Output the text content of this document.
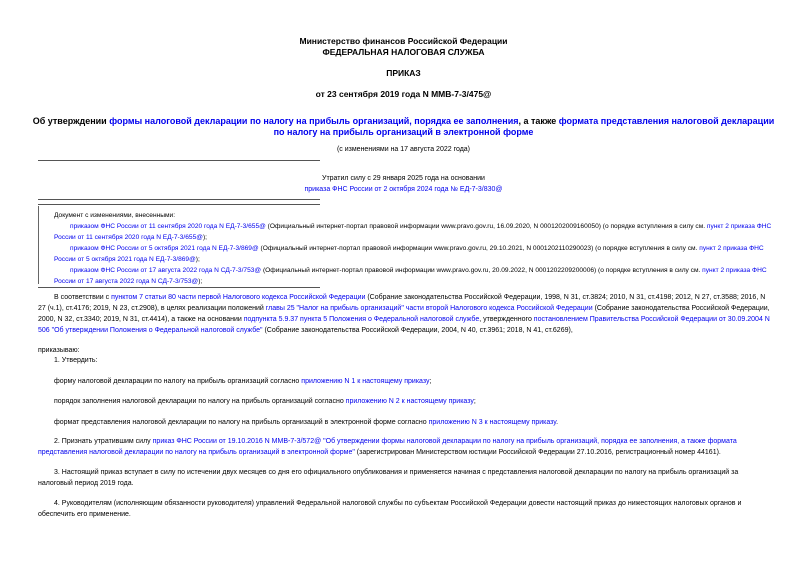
Министерство финансов Российской Федерации
ФЕДЕРАЛЬНАЯ НАЛОГОВАЯ СЛУЖБА
ПРИКАЗ
от 23 сентября 2019 года N ММВ-7-3/475@
Об утверждении формы налоговой декларации по налогу на прибыль организаций, порядка ее заполнения, а также формата представления налоговой декларации
по налогу на прибыль организаций в электронной форме
(с изменениями на 17 августа 2022 года)
Утратил силу с 29 января 2025 года на основании
приказа ФНС России от 2 октября 2024 года № ЕД-7-3/830@
Документ с изменениями, внесенными:
приказом ФНС России от 11 сентября 2020 года N ЕД-7-3/655@ (Официальный интернет-портал правовой информации www.pravo.gov.ru, 16.09.2020, N 0001202009160050) (о порядке вступления в силу см. пункт 2 приказа ФНС России от 11 сентября 2020 года N ЕД-7-3/655@);
приказом ФНС России от 5 октября 2021 года N ЕД-7-3/869@ (Официальный интернет-портал правовой информации www.pravo.gov.ru, 29.10.2021, N 0001202110290023) (о порядке вступления в силу см. пункт 2 приказа ФНС России от 5 октября 2021 года N ЕД-7-3/869@);
приказом ФНС России от 17 августа 2022 года N СД-7-3/753@ (Официальный интернет-портал правовой информации www.pravo.gov.ru, 20.09.2022, N 0001202209200006) (о порядке вступления в силу см. пункт 2 приказа ФНС России от 17 августа 2022 года N СД-7-3/753@);
В соответствии с пунктом 7 статьи 80 части первой Налогового кодекса Российской Федерации (Собрание законодательства Российской Федерации, 1998, N 31, ст.3824; 2010, N 31, ст.4198; 2012, N 27, ст.3588; 2016, N 27 (ч.1), ст.4176; 2019, N 23, ст.2908), в целях реализации положений главы 25 "Налог на прибыль организаций" части второй Налогового кодекса Российской Федерации (Собрание законодательства Российской Федерации, 2000, N 32, ст.3340; 2019, N 31, ст.4414), а также на основании подпункта 5.9.37 пункта 5 Положения о Федеральной налоговой службе, утвержденного постановлением Правительства Российской Федерации от 30.09.2004 N 506 "Об утверждении Положения о Федеральной налоговой службе" (Собрание законодательства Российской Федерации, 2004, N 40, ст.3961; 2018, N 41, ст.6269),
приказываю:
1. Утвердить:
форму налоговой декларации по налогу на прибыль организаций согласно приложению N 1 к настоящему приказу;
порядок заполнения налоговой декларации по налогу на прибыль организаций согласно приложению N 2 к настоящему приказу;
формат представления налоговой декларации по налогу на прибыль организаций в электронной форме согласно приложению N 3 к настоящему приказу.
2. Признать утратившим силу приказ ФНС России от 19.10.2016 N ММВ-7-3/572@ "Об утверждении формы налоговой декларации по налогу на прибыль организаций, порядка ее заполнения, а также формата представления налоговой декларации по налогу на прибыль организаций в электронной форме" (зарегистрирован Министерством юстиции Российской Федерации 27.10.2016, регистрационный номер 44161).
3. Настоящий приказ вступает в силу по истечении двух месяцев со дня его официального опубликования и применяется начиная с представления налоговой декларации по налогу на прибыль организаций за налоговый период 2019 года.
4. Руководителям (исполняющим обязанности руководителя) управлений Федеральной налоговой службы по субъектам Российской Федерации довести настоящий приказ до нижестоящих налоговых органов и обеспечить его применение.
